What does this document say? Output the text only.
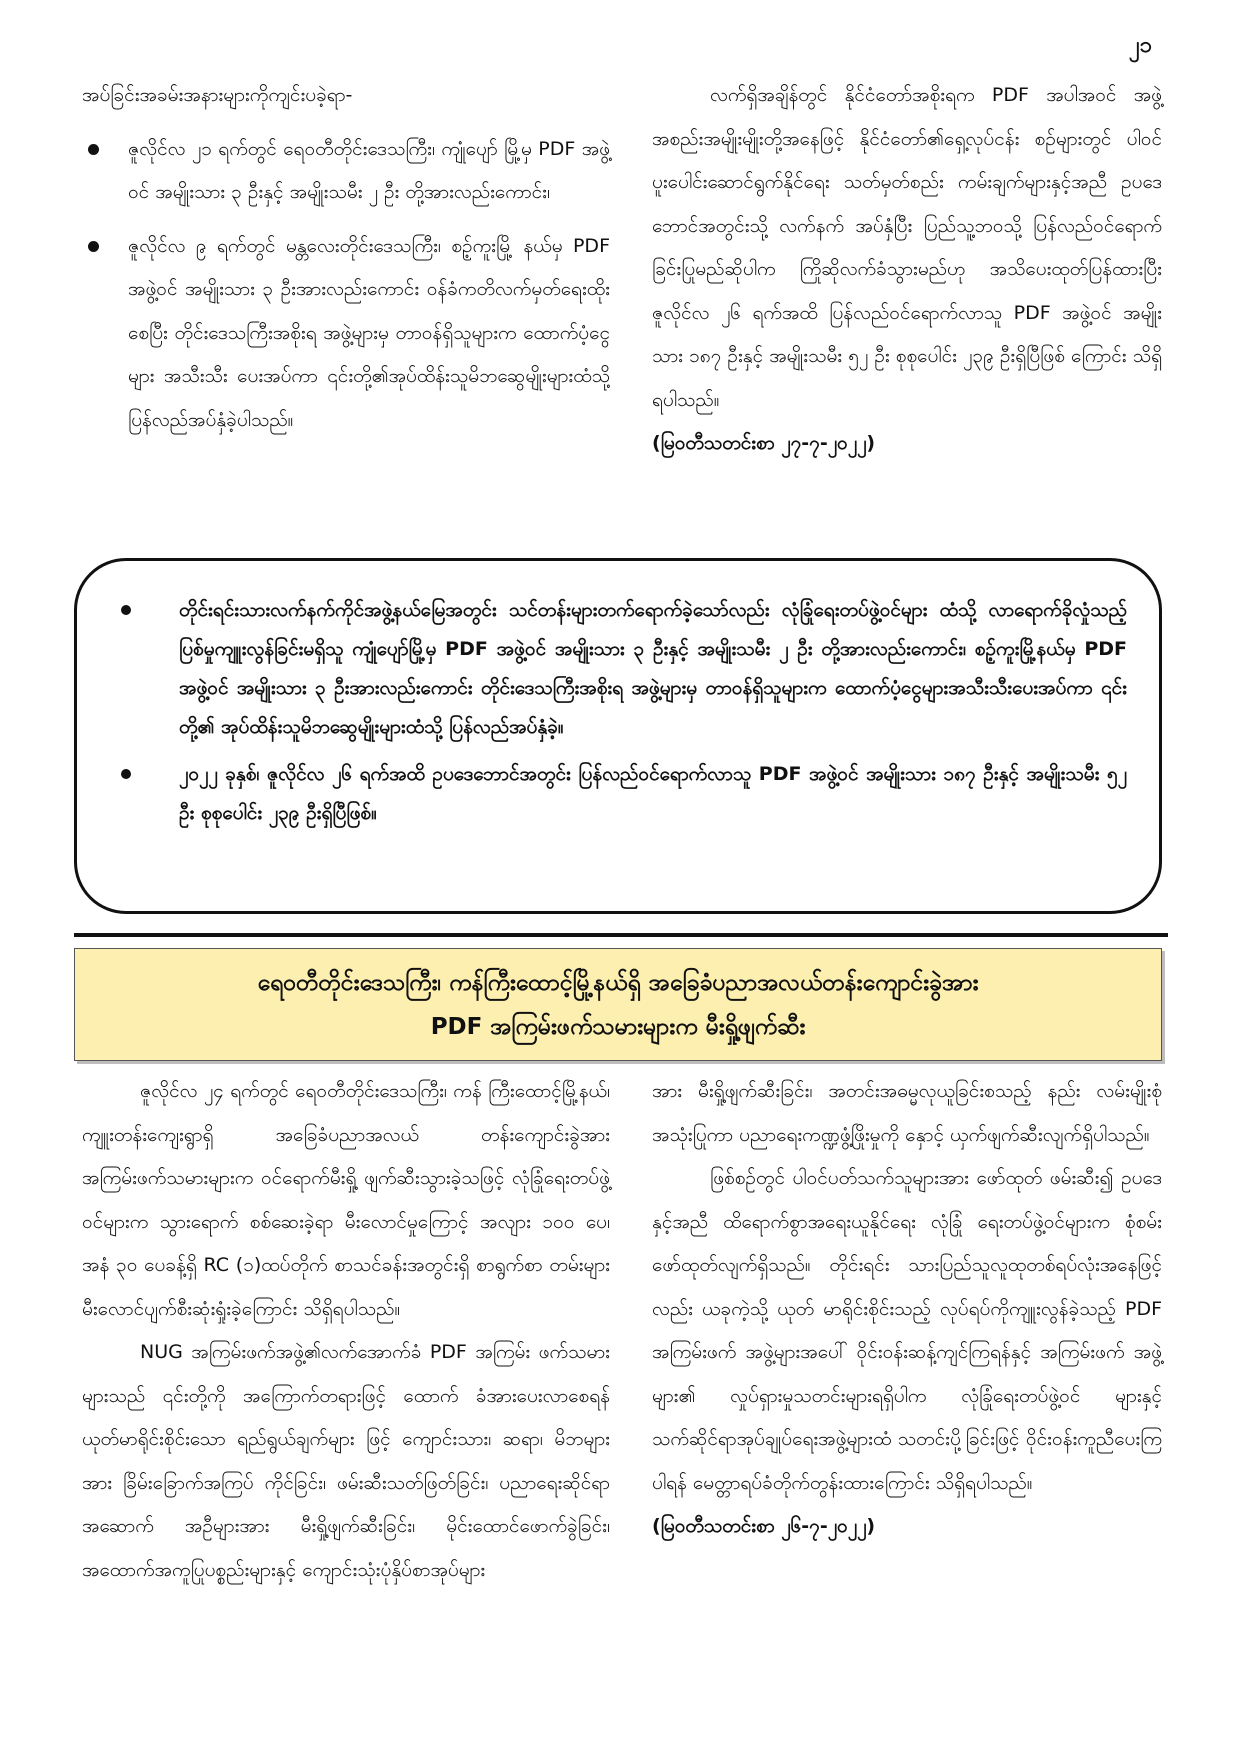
၂၁

အပ်ခြင်းအခမ်းအနားများကိုကျင်းပခဲ့ရာ-

ဇူလိုင်လ ၂၁ ရက်တွင် ရေဝတီတိုင်းဒေသကြီး၊ ကျုံပျော် မြို့မှ PDF အဖွဲ့ဝင် အမျိုးသား ၃ ဦးနှင့် အမျိုးသမီး ၂ ဦး တို့အားလည်းကောင်း၊
ဇူလိုင်လ ၉ ရက်တွင် မန္တလေးတိုင်းဒေသကြီး၊ စဉ့်ကူးမြို့ နယ်မှ PDF အဖွဲ့ဝင် အမျိုးသား ၃ ဦးအားလည်းကောင်း ဝန်ခံကတိလက်မှတ်ရေးထိုးစေပြီး တိုင်းဒေသကြီးအစိုးရ အဖွဲ့များမှ တာဝန်ရှိသူများက ထောက်ပံ့ငွေများ အသီးသီး ပေးအပ်ကာ ၎င်းတို့၏အုပ်ထိန်းသူမိဘဆွေမျိုးများထံသို့ ပြန်လည်အပ်နှံခဲ့ပါသည်။

လက်ရှိအချိန်တွင် နိုင်ငံတော်အစိုးရက PDF အပါအဝင် အဖွဲ့အစည်းအမျိုးမျိုးတို့အနေဖြင့် နိုင်ငံတော်၏ရှေ့လုပ်ငန်း စဉ်များတွင် ပါဝင်ပူးပေါင်းဆောင်ရွက်နိုင်ရေး သတ်မှတ်စည်း ကမ်းချက်များနှင့်အညီ ဥပဒေဘောင်အတွင်းသို့ လက်နက် အပ်နှံပြီး ပြည်သူ့ဘဝသို့ ပြန်လည်ဝင်ရောက်ခြင်းပြုမည်ဆိုပါက ကြိုဆိုလက်ခံသွားမည်ဟု အသိပေးထုတ်ပြန်ထားပြီး ဇူလိုင်လ ၂၆ ရက်အထိ ပြန်လည်ဝင်ရောက်လာသူ PDF အဖွဲ့ဝင် အမျိုး သား ၁၈၇ ဦးနှင့် အမျိုးသမီး ၅၂ ဦး စုစုပေါင်း ၂၃၉ ဦးရှိပြီဖြစ် ကြောင်း သိရှိရပါသည်။

(မြဝတီသတင်းစာ ၂၇-၇-၂၀၂၂)

တိုင်းရင်းသားလက်နက်ကိုင်အဖွဲ့နယ်မြေအတွင်း သင်တန်းများတက်ရောက်ခဲ့သော်လည်း လုံခြုံရေးတပ်ဖွဲ့ဝင်များ ထံသို့ လာရောက်ခိုလှုံသည့် ပြစ်မှုကျူးလွန်ခြင်းမရှိသူ ကျုံပျော်မြို့မှ PDF အဖွဲ့ဝင် အမျိုးသား ၃ ဦးနှင့် အမျိုးသမီး ၂ ဦး တို့အားလည်းကောင်း၊ စဉ့်ကူးမြို့နယ်မှ PDF အဖွဲ့ဝင် အမျိုးသား ၃ ဦးအားလည်းကောင်း တိုင်းဒေသကြီးအစိုးရ အဖွဲ့များမှ တာဝန်ရှိသူများက ထောက်ပံ့ငွေများအသီးသီးပေးအပ်ကာ ၎င်းတို့၏ အုပ်ထိန်းသူမိဘဆွေမျိုးများထံသို့ ပြန်လည်အပ်နှံခဲ့။
၂၀၂၂ ခုနှစ်၊ ဇူလိုင်လ ၂၆ ရက်အထိ ဥပဒေဘောင်အတွင်း ပြန်လည်ဝင်ရောက်လာသူ PDF အဖွဲ့ဝင် အမျိုးသား ၁၈၇ ဦးနှင့် အမျိုးသမီး ၅၂ ဦး စုစုပေါင်း ၂၃၉ ဦးရှိပြီဖြစ်။
ရေဝတီတိုင်းဒေသကြီး၊ ကန်ကြီးထောင့်မြို့နယ်ရှိ အခြေခံပညာအလယ်တန်းကျောင်းခွဲအား
PDF အကြမ်းဖက်သမားများက မီးရှို့ဖျက်ဆီး

ဇူလိုင်လ ၂၄ ရက်တွင် ရေဝတီတိုင်းဒေသကြီး၊ ကန် ကြီးထောင့်မြို့နယ်၊ ကျူးတန်းကျေးရွာရှိ အခြေခံပညာအလယ် တန်းကျောင်းခွဲအား အကြမ်းဖက်သမားများက ဝင်ရောက်မီးရှို့ ဖျက်ဆီးသွားခဲ့သဖြင့် လုံခြုံရေးတပ်ဖွဲ့ဝင်များက သွားရောက် စစ်ဆေးခဲ့ရာ မီးလောင်မှုကြောင့် အလျား ၁၀၀ ပေ၊ အနံ ၃၀ ပေခန့်ရှိ RC (၁)ထပ်တိုက် စာသင်ခန်းအတွင်းရှိ စာရွက်စာ တမ်းများ မီးလောင်ပျက်စီးဆုံးရှုံးခဲ့ကြောင်း သိရှိရပါသည်။

NUG အကြမ်းဖက်အဖွဲ့၏လက်အောက်ခံ PDF အကြမ်း ဖက်သမားများသည် ၎င်းတို့ကို အကြောက်တရားဖြင့် ထောက် ခံအားပေးလာစေရန် ယုတ်မာရိုင်းစိုင်းသော ရည်ရွယ်ချက်များ ဖြင့် ကျောင်းသား၊ ဆရာ၊ မိဘများအား ခြိမ်းခြောက်အကြပ် ကိုင်ခြင်း၊ ဖမ်းဆီးသတ်ဖြတ်ခြင်း၊ ပညာရေးဆိုင်ရာ အဆောက် အဦများအား မီးရှို့ဖျက်ဆီးခြင်း၊ မိုင်းထောင်ဖောက်ခွဲခြင်း၊ အထောက်အကူပြုပစ္စည်းများနှင့် ကျောင်းသုံးပုံနှိပ်စာအုပ်များ

အား မီးရှို့ဖျက်ဆီးခြင်း၊ အတင်းအဓမ္မလုယူခြင်းစသည့် နည်း လမ်းမျိုးစုံအသုံးပြုကာ ပညာရေးကဏ္ဍဖွံ့ဖြိုးမှုကို နှောင့် ယှက်ဖျက်ဆီးလျက်ရှိပါသည်။

ဖြစ်စဉ်တွင် ပါဝင်ပတ်သက်သူများအား ဖော်ထုတ် ဖမ်းဆီး၍ ဥပဒေနှင့်အညီ ထိရောက်စွာအရေးယူနိုင်ရေး လုံခြုံ ရေးတပ်ဖွဲ့ဝင်များက စုံစမ်းဖော်ထုတ်လျက်ရှိသည်။ တိုင်းရင်း သားပြည်သူလူထုတစ်ရပ်လုံးအနေဖြင့်လည်း ယခုကဲ့သို့ ယုတ် မာရိုင်းစိုင်းသည့် လုပ်ရပ်ကိုကျူးလွန်ခဲ့သည့် PDF အကြမ်းဖက် အဖွဲ့များအပေါ် ဝိုင်းဝန်းဆန့်ကျင်ကြရန်နှင့် အကြမ်းဖက် အဖွဲ့များ၏ လှုပ်ရှားမှုသတင်းများရရှိပါက လုံခြုံရေးတပ်ဖွဲ့ဝင် များနှင့် သက်ဆိုင်ရာအုပ်ချုပ်ရေးအဖွဲ့များထံ သတင်းပို့ခြင်းဖြင့် ဝိုင်းဝန်းကူညီပေးကြပါရန် မေတ္တာရပ်ခံတိုက်တွန်းထားကြောင်း သိရှိရပါသည်။

(မြဝတီသတင်းစာ ၂၆-၇-၂၀၂၂)
